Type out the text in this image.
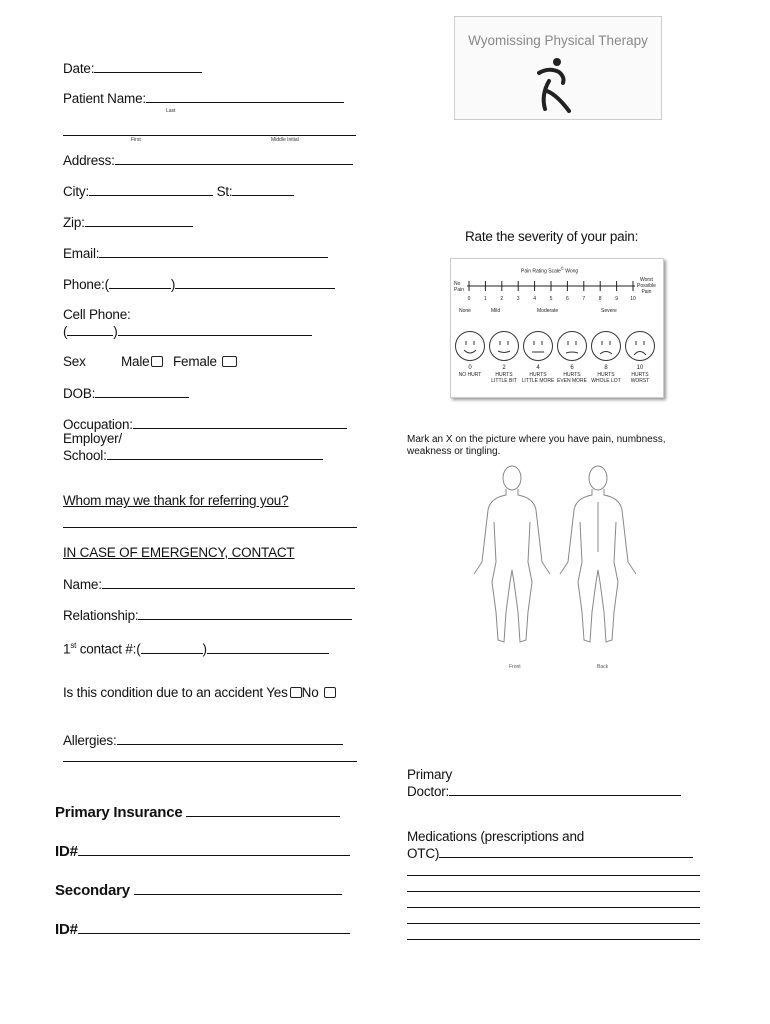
Wyomissing Physical Therapy
Date:
Patient Name:
Last
First	Middle Initial
Address:
City:	St:
Zip:
Email:
Phone:(	)
Cell Phone:
(	)
Sex	Male	Female
DOB:
Occupation:
Employer/
School:
Whom may we thank for referring you?
IN CASE OF EMERGENCY, CONTACT
Name:
Relationship:
1st contact #:(	)
Is this condition due to an accident Yes No
Allergies:
Primary Insurance
ID#
Secondary
ID#
Rate the severity of your pain:
Pain Rating Scale© Wong
No
Pain
Worst
Possible
Pain
0	1	2	3	4	5	6	7	8	9	10
None	Mild	Moderate	Severe
0
NO HURT
2
HURTS
LITTLE BIT
4
HURTS
LITTLE MORE
6
HURTS
EVEN MORE
8
HURTS
WHOLE LOT
10
HURTS
WORST
Mark an X on the picture where you have pain, numbness, weakness or tingling.
Front	Back
Primary
Doctor:
Medications (prescriptions and
OTC)
